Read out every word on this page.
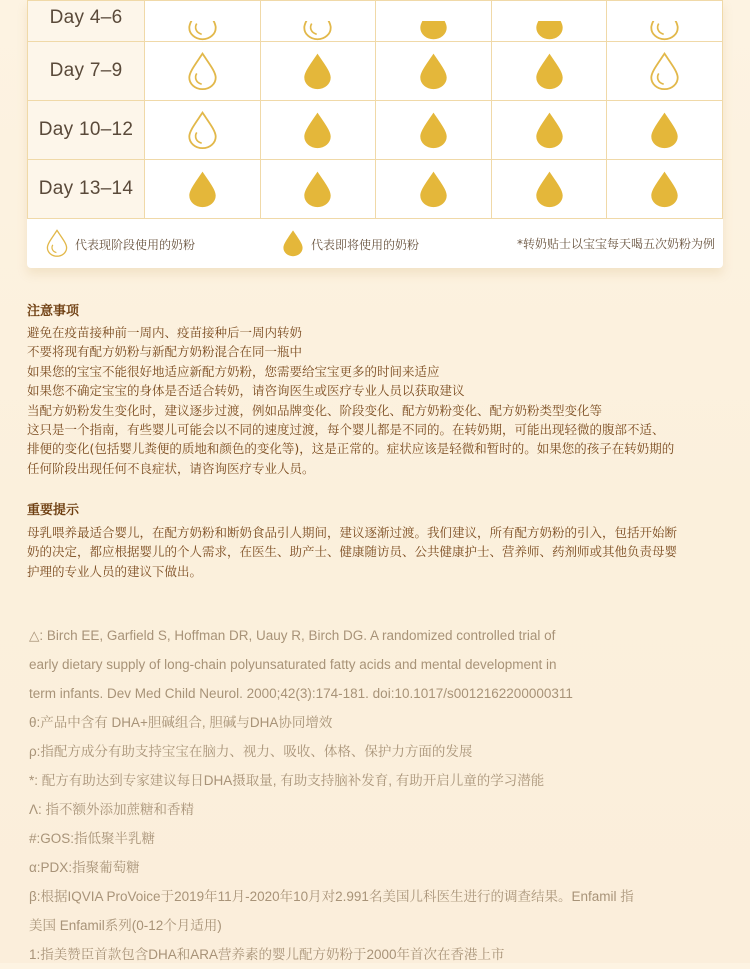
Day 4–6	

Day 7–9	

Day 10–12	

Day 13–14	

代表现阶段使用的奶粉	代表即将使用的奶粉	*转奶贴士以宝宝每天喝五次奶粉为例
注意事项
避免在疫苗接种前一周内、疫苗接种后一周内转奶
不要将现有配方奶粉与新配方奶粉混合在同一瓶中
如果您的宝宝不能很好地适应新配方奶粉，您需要给宝宝更多的时间来适应
如果您不确定宝宝的身体是否适合转奶，请咨询医生或医疗专业人员以获取建议
当配方奶粉发生变化时，建议逐步过渡，例如品牌变化、阶段变化、配方奶粉变化、配方奶粉类型变化等
这只是一个指南，有些婴儿可能会以不同的速度过渡，每个婴儿都是不同的。在转奶期，可能出现轻微的腹部不适、
排便的变化(包括婴儿粪便的质地和颜色的变化等)，这是正常的。症状应该是轻微和暂时的。如果您的孩子在转奶期的
任何阶段出现任何不良症状，请咨询医疗专业人员。
重要提示
母乳喂养最适合婴儿，在配方奶粉和断奶食品引人期间，建议逐渐过渡。我们建议，所有配方奶粉的引入，包括开始断
奶的决定，都应根据婴儿的个人需求，在医生、助产士、健康随访员、公共健康护士、营养师、药剂师或其他负责母婴
护理的专业人员的建议下做出。
△: Birch EE, Garfield S, Hoffman DR, Uauy R, Birch DG. A randomized controlled trial of
early dietary supply of long-chain polyunsaturated fatty acids and mental development in
term infants. Dev Med Child Neurol. 2000;42(3):174-181. doi:10.1017/s0012162200000311
θ:产品中含有 DHA+胆碱组合, 胆碱与DHA协同增效
ρ:指配方成分有助支持宝宝在脑力、视力、吸收、体格、保护力方面的发展
*: 配方有助达到专家建议每日DHA摄取量, 有助支持脑补发育, 有助开启儿童的学习潜能
Λ: 指不额外添加蔗糖和香精
#:GOS:指低聚半乳糖
α:PDX:指聚葡萄糖
β:根据IQVIA ProVoice于2019年11月-2020年10月对2.991名美国儿科医生进行的调查结果。Enfamil 指
美国 Enfamil系列(0-12个月适用)
1:指美赞臣首款包含DHA和ARA营养素的婴儿配方奶粉于2000年首次在香港上市
